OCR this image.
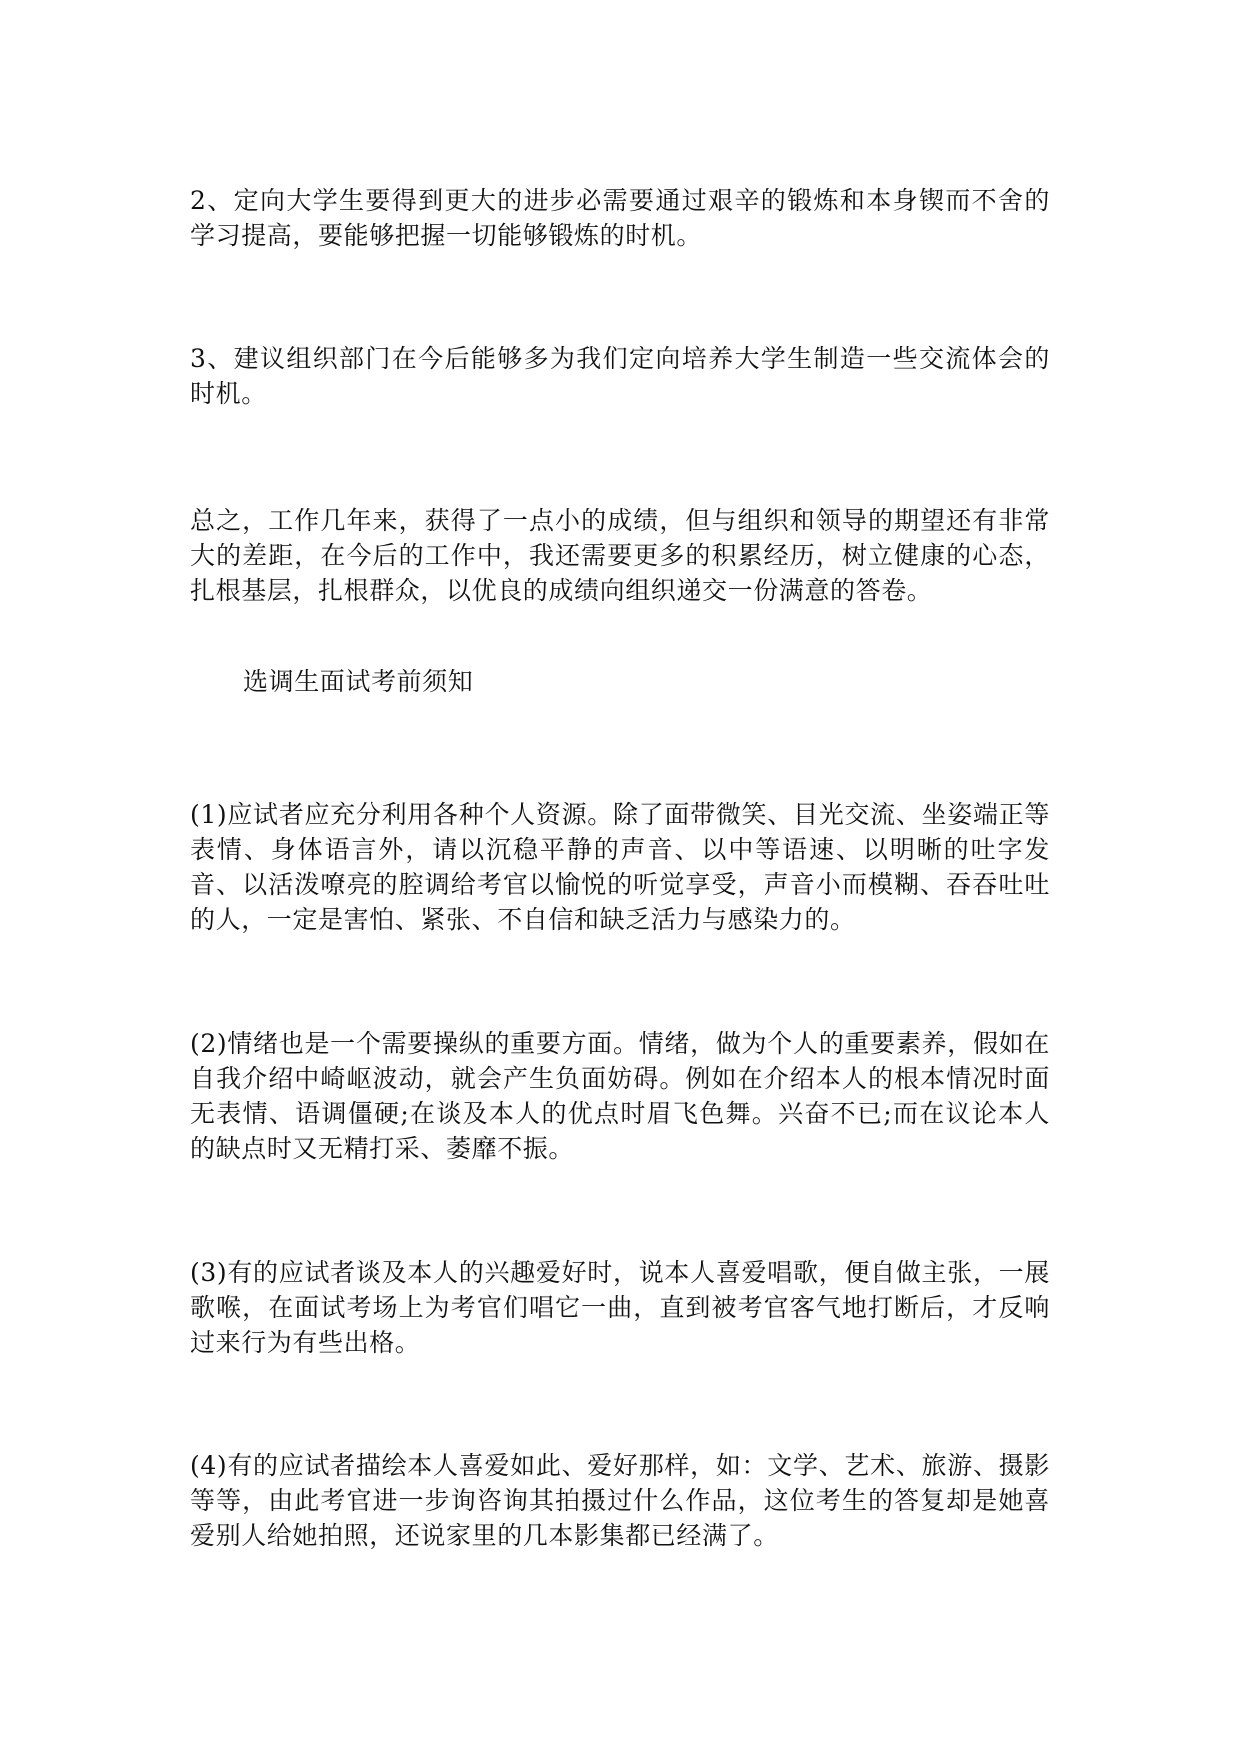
2、定向大学生要得到更大的进步必需要通过艰辛的锻炼和本身锲而不舍的学习提高，要能够把握一切能够锻炼的时机。

3、建议组织部门在今后能够多为我们定向培养大学生制造一些交流体会的时机。

总之，工作几年来，获得了一点小的成绩，但与组织和领导的期望还有非常大的差距，在今后的工作中，我还需要更多的积累经历，树立健康的心态，扎根基层，扎根群众，以优良的成绩向组织递交一份满意的答卷。

选调生面试考前须知

(1)应试者应充分利用各种个人资源。除了面带微笑、目光交流、坐姿端正等表情、身体语言外，请以沉稳平静的声音、以中等语速、以明晰的吐字发音、以活泼嘹亮的腔调给考官以愉悦的听觉享受，声音小而模糊、吞吞吐吐的人，一定是害怕、紧张、不自信和缺乏活力与感染力的。

(2)情绪也是一个需要操纵的重要方面。情绪，做为个人的重要素养，假如在自我介绍中崎岖波动，就会产生负面妨碍。例如在介绍本人的根本情况时面无表情、语调僵硬;在谈及本人的优点时眉飞色舞。兴奋不已;而在议论本人的缺点时又无精打采、萎靡不振。

(3)有的应试者谈及本人的兴趣爱好时，说本人喜爱唱歌，便自做主张，一展歌喉，在面试考场上为考官们唱它一曲，直到被考官客气地打断后，才反响过来行为有些出格。

(4)有的应试者描绘本人喜爱如此、爱好那样，如：文学、艺术、旅游、摄影等等，由此考官进一步询咨询其拍摄过什么作品，这位考生的答复却是她喜爱别人给她拍照，还说家里的几本影集都已经满了。
